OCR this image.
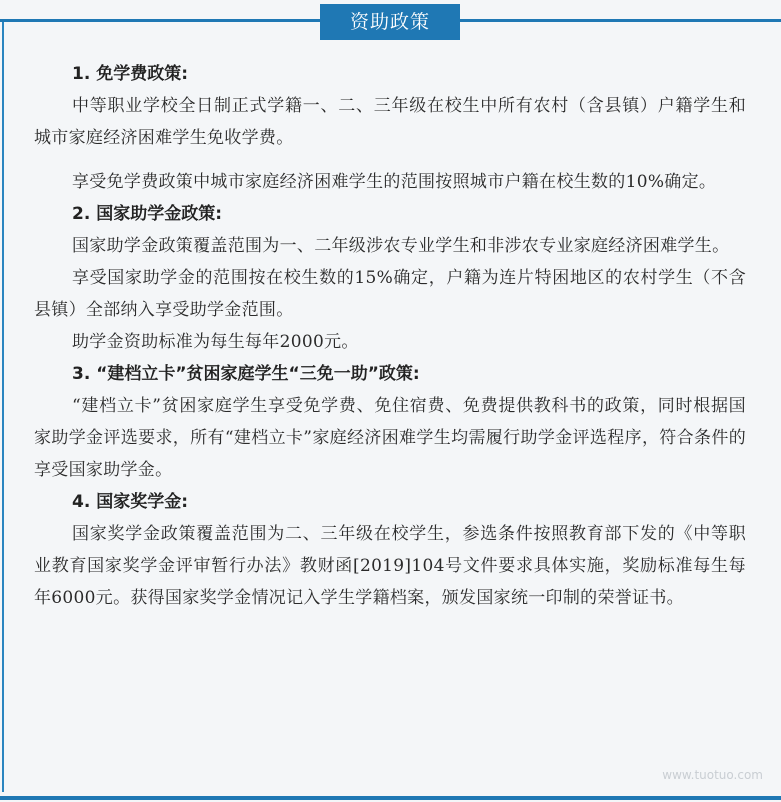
资助政策
1. 免学费政策:

中等职业学校全日制正式学籍一、二、三年级在校生中所有农村（含县镇）户籍学生和城市家庭经济困难学生免收学费。

享受免学费政策中城市家庭经济困难学生的范围按照城市户籍在校生数的10%确定。

2. 国家助学金政策:

国家助学金政策覆盖范围为一、二年级涉农专业学生和非涉农专业家庭经济困难学生。

享受国家助学金的范围按在校生数的15%确定，户籍为连片特困地区的农村学生（不含县镇）全部纳入享受助学金范围。

助学金资助标准为每生每年2000元。

3. “建档立卡”贫困家庭学生“三免一助”政策:

“建档立卡”贫困家庭学生享受免学费、免住宿费、免费提供教科书的政策，同时根据国家助学金评选要求，所有“建档立卡”家庭经济困难学生均需履行助学金评选程序，符合条件的享受国家助学金。

4. 国家奖学金:

国家奖学金政策覆盖范围为二、三年级在校学生，参选条件按照教育部下发的《中等职业教育国家奖学金评审暂行办法》教财函[2019]104号文件要求具体实施，奖励标准每生每年6000元。获得国家奖学金情况记入学生学籍档案，颁发国家统一印制的荣誉证书。

www.tuotuo.com
